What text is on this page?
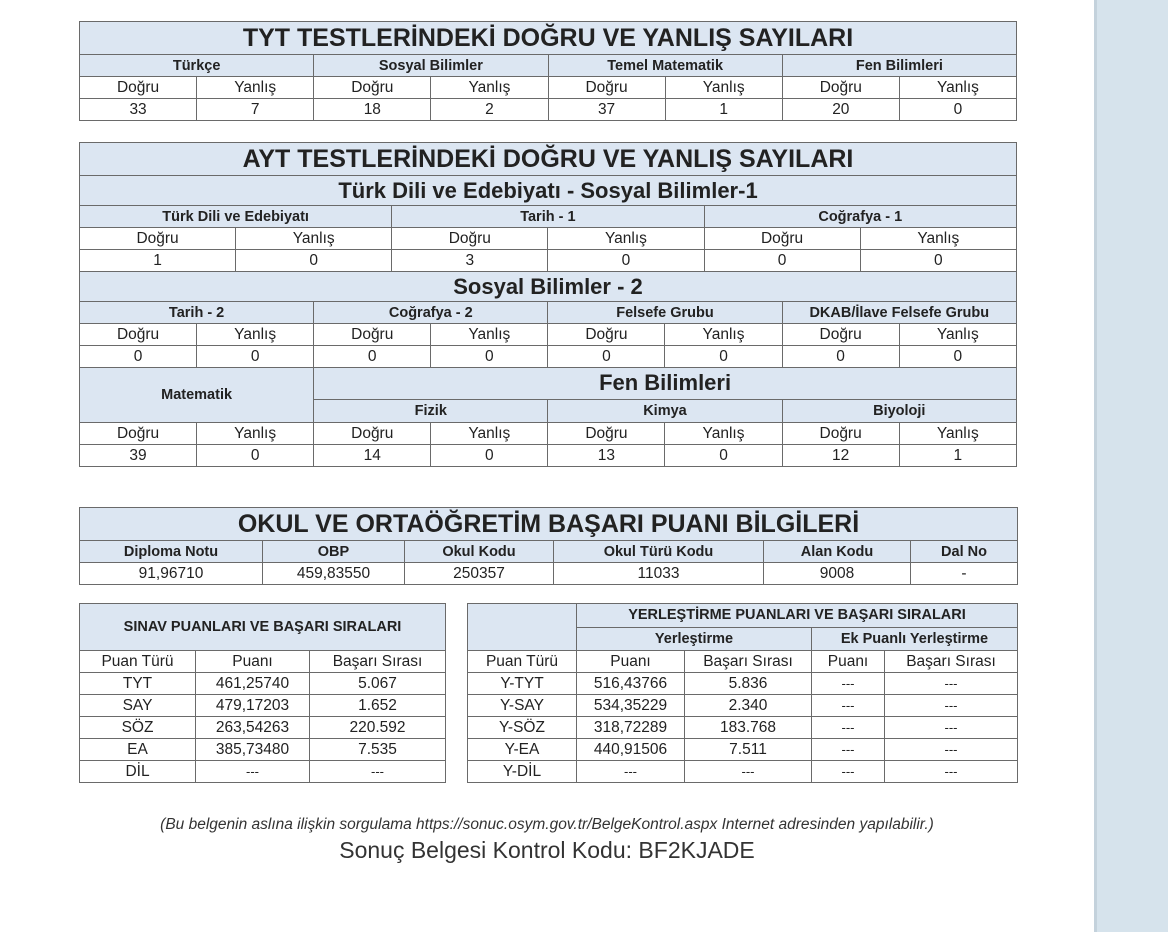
TYT TESTLERİNDEKİ DOĞRU VE YANLIŞ SAYILARI							
Türkçe		Sosyal Bilimler		Temel Matematik		Fen Bilimleri	
Doğru	Yanlış	Doğru	Yanlış	Doğru	Yanlış	Doğru	Yanlış
33	7	18	2	37	1	20	0
AYT TESTLERİNDEKİ DOĞRU VE YANLIŞ SAYILARI											
Türk Dili ve Edebiyatı - Sosyal Bilimler-1											
Türk Dili ve Edebiyatı				Tarih - 1				Coğrafya - 1			
Doğru		Yanlış		Doğru		Yanlış		Doğru		Yanlış	
1		0		3		0		0		0	
Sosyal Bilimler - 2											
Tarih - 2			Coğrafya - 2			Felsefe Grubu			DKAB/İlave Felsefe Grubu		
Doğru	Yanlış		Doğru		Yanlış	Doğru	Yanlış		Doğru		Yanlış
0	0		0		0	0	0		0		0
Matematik			Fen Bilimleri								
			Fizik			Kimya			Biyoloji		
Doğru	Yanlış		Doğru		Yanlış	Doğru	Yanlış		Doğru		Yanlış
39	0		14		0	13	0		12		1
OKUL VE ORTAÖĞRETİM BAŞARI PUANI BİLGİLERİ					
Diploma Notu	OBP	Okul Kodu	Okul Türü Kodu	Alan Kodu	Dal No
91,96710	459,83550	250357	11033	9008	-
SINAV PUANLARI VE BAŞARI SIRALARI		
Puan Türü	Puanı	Başarı Sırası
TYT	461,25740	5.067
SAY	479,17203	1.652
SÖZ	263,54263	220.592
EA	385,73480	7.535
DİL	---	---
	YERLEŞTİRME PUANLARI VE BAŞARI SIRALARI			
	Yerleştirme		Ek Puanlı Yerleştirme	
Puan Türü	Puanı	Başarı Sırası	Puanı	Başarı Sırası
Y-TYT	516,43766	5.836	---	---
Y-SAY	534,35229	2.340	---	---
Y-SÖZ	318,72289	183.768	---	---
Y-EA	440,91506	7.511	---	---
Y-DİL	---	---	---	---
(Bu belgenin aslına ilişkin sorgulama https://sonuc.osym.gov.tr/BelgeKontrol.aspx Internet adresinden yapılabilir.)
Sonuç Belgesi Kontrol Kodu: BF2KJADE
